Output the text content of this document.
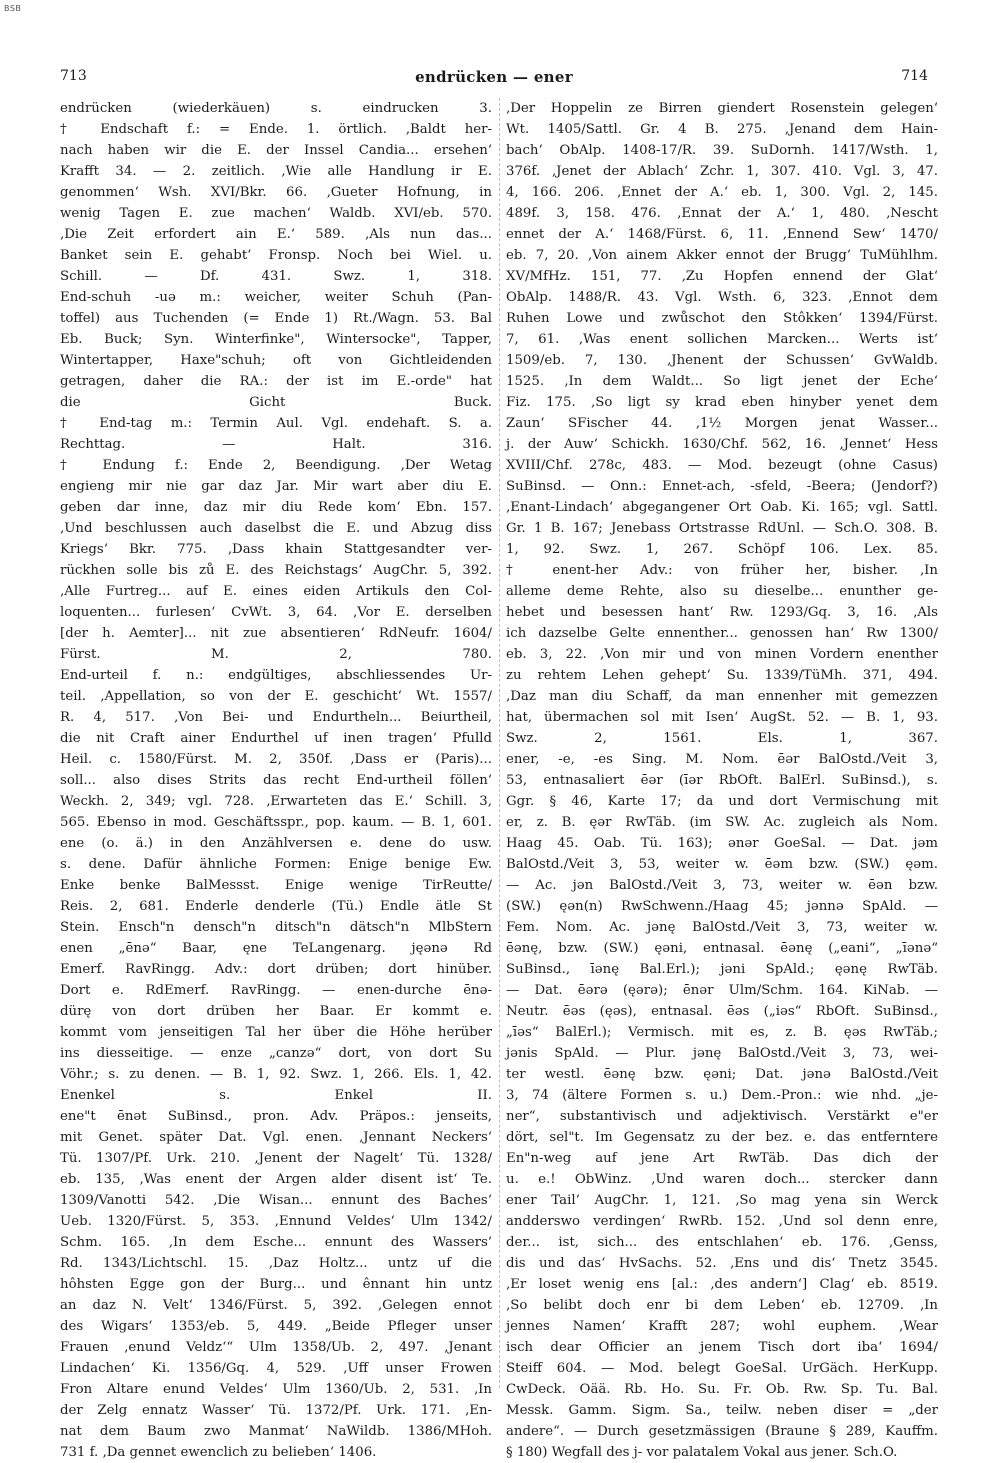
BSB
713	endrücken — ener	714
endrücken (wiederkäuen) s. eindrucken 3.
† Endschaft f.: = Ende. 1. örtlich. ‚Baldt her-
nach haben wir die E. der Inssel Candia... ersehen‘
Krafft 34. — 2. zeitlich. ‚Wie alle Handlung ir E.
genommen‘ Wsh. XVI/Bkr. 66. ‚Gueter Hofnung, in
wenig Tagen E. zue machen‘ Waldb. XVI/eb. 570.
‚Die Zeit erfordert ain E.‘ 589. ‚Als nun das...
Banket sein E. gehabt‘ Fronsp. Noch bei Wiel. u.
Schill. — Df. 431. Swz. 1, 318.
End-schuh -uə m.: weicher, weiter Schuh (Pan-
toffel) aus Tuchenden (= Ende 1) Rt./Wagn. 53. Bal
Eb. Buck; Syn. Winterfinke", Wintersocke", Tapper,
Wintertapper, Haxe"schuh; oft von Gichtleidenden
getragen, daher die RA.: der ist im E.-orde" hat
die Gicht Buck.
† End-tag m.: Termin Aul. Vgl. endehaft. S. a.
Rechttag. — Halt. 316.
† Endung f.: Ende 2, Beendigung. ‚Der Wetag
engieng mir nie gar daz Jar. Mir wart aber diu E.
geben dar inne, daz mir diu Rede kom‘ Ebn. 157.
‚Und beschlussen auch daselbst die E. und Abzug diss
Kriegs‘ Bkr. 775. ‚Dass khain Stattgesandter ver-
rückhen solle bis zů E. des Reichstags‘ AugChr. 5, 392.
‚Alle Furtreg... auf E. eines eiden Artikuls den Col-
loquenten... furlesen‘ CvWt. 3, 64. ‚Vor E. derselben
[der h. Aemter]... nit zue absentieren‘ RdNeufr. 1604/
Fürst. M. 2, 780.
End-urteil f. n.: endgültiges, abschliessendes Ur-
teil. ‚Appellation, so von der E. geschicht‘ Wt. 1557/
R. 4, 517. ‚Von Bei- und Endurtheln... Beiurtheil,
die nit Craft ainer Endurthel uf inen tragen‘ Pfulld
Heil. c. 1580/Fürst. M. 2, 350f. ‚Dass er (Paris)...
soll... also dises Strits das recht End-urtheil föllen‘
Weckh. 2, 349; vgl. 728. ‚Erwarteten das E.‘ Schill. 3,
565. Ebenso in mod. Geschäftsspr., pop. kaum. — B. 1, 601.
ene (o. ä.) in den Anzählversen e. dene do usw.
s. dene. Dafür ähnliche Formen: Enige benige Ew.
Enke benke BalMessst. Enige wenige TirReutte/
Reis. 2, 681. Enderle denderle (Tü.) Endle ätle St
Stein. Ensch"n densch"n ditsch"n dätsch"n MlbStern
enen „ēnə“ Baar, ęne TeLangenarg. jęənə Rd
Emerf. RavRingg. Adv.: dort drüben; dort hinüber.
Dort e. RdEmerf. RavRingg. — enen-durche ēnə-
dürę von dort drüben her Baar. Er kommt e.
kommt vom jenseitigen Tal her über die Höhe herüber
ins diesseitige. — enze „canzə“ dort, von dort Su
Vöhr.; s. zu denen. — B. 1, 92. Swz. 1, 266. Els. 1, 42.
Enenkel s. Enkel II.
ene"t ēnət SuBinsd., pron. Adv. Präpos.: jenseits,
mit Genet. später Dat. Vgl. enen. ‚Jennant Neckers‘
Tü. 1307/Pf. Urk. 210. ‚Jenent der Nagelt‘ Tü. 1328/
eb. 135, ‚Was enent der Argen alder disent ist‘ Te.
1309/Vanotti 542. ‚Die Wisan... ennunt des Baches‘
Ueb. 1320/Fürst. 5, 353. ‚Ennund Veldes‘ Ulm 1342/
Schm. 165. ‚In dem Esche... ennunt des Wassers‘
Rd. 1343/Lichtschl. 15. ‚Daz Holtz... untz uf die
hôhsten Egge gon der Burg... und ênnant hin untz
an daz N. Velt‘ 1346/Fürst. 5, 392. ‚Gelegen ennot
des Wigars‘ 1353/eb. 5, 449. „Beide Pfleger unser
Frauen ‚enund Veldz‘“ Ulm 1358/Ub. 2, 497. ‚Jenant
Lindachen‘ Ki. 1356/Gq. 4, 529. ‚Uff unser Frowen
Fron Altare enund Veldes‘ Ulm 1360/Ub. 2, 531. ‚In
der Zelg ennatz Wasser‘ Tü. 1372/Pf. Urk. 171. ‚En-
nat dem Baum zwo Manmat‘ NaWildb. 1386/MHoh.
731 f. ‚Da gennet ewenclich zu belieben‘ 1406.
‚Der Hoppelin ze Birren giendert Rosenstein gelegen‘
Wt. 1405/Sattl. Gr. 4 B. 275. ‚Jenand dem Hain-
bach‘ ObAlp. 1408-17/R. 39. SuDornh. 1417/Wsth. 1,
376f. ‚Jenet der Ablach‘ Zchr. 1, 307. 410. Vgl. 3, 47.
4, 166. 206. ‚Ennet der A.‘ eb. 1, 300. Vgl. 2, 145.
489f. 3, 158. 476. ‚Ennat der A.‘ 1, 480. ‚Nescht
ennet der A.‘ 1468/Fürst. 6, 11. ‚Ennend Sew‘ 1470/
eb. 7, 20. ‚Von ainem Akker ennot der Brugg‘ TuMühlhm.
XV/MfHz. 151, 77. ‚Zu Hopfen ennend der Glat‘
ObAlp. 1488/R. 43. Vgl. Wsth. 6, 323. ‚Ennot dem
Ruhen Lowe und zwůschot den Stôkken‘ 1394/Fürst.
7, 61. ‚Was enent sollichen Marcken... Werts ist‘
1509/eb. 7, 130. ‚Jhenent der Schussen‘ GvWaldb.
1525. ‚In dem Waldt... So ligt jenet der Eche‘
Fiz. 175. ‚So ligt sy krad eben hinyber yenet dem
Zaun‘ SFischer 44. ‚1½ Morgen jenat Wasser...
j. der Auw‘ Schickh. 1630/Chf. 562, 16. ‚Jennet‘ Hess
XVIII/Chf. 278c, 483. — Mod. bezeugt (ohne Casus)
SuBinsd. — Onn.: Ennet-ach, -sfeld, -Beera; (Jendorf?)
‚Enant-Lindach‘ abgegangener Ort Oab. Ki. 165; vgl. Sattl.
Gr. 1 B. 167; Jenebass Ortstrasse RdUnl. — Sch.O. 308. B.
1, 92. Swz. 1, 267. Schöpf 106. Lex. 85.
† enent-her Adv.: von früher her, bisher. ‚In
alleme deme Rehte, also su dieselbe... enunther ge-
hebet und besessen hant‘ Rw. 1293/Gq. 3, 16. ‚Als
ich dazselbe Gelte ennenther... genossen han‘ Rw 1300/
eb. 3, 22. ‚Von mir und von minen Vordern enenther
zu rehtem Lehen gehept‘ Su. 1339/TüMh. 371, 494.
‚Daz man diu Schaff, da man ennenher mit gemezzen
hat, übermachen sol mit Isen‘ AugSt. 52. — B. 1, 93.
Swz. 2, 1561. Els. 1, 367.
ener, -e, -es Sing. M. Nom. ēər BalOstd./Veit 3,
53, entnasaliert ēər (īər RbOft. BalErl. SuBinsd.), s.
Ggr. § 46, Karte 17; da und dort Vermischung mit
er, z. B. ęər RwTäb. (im SW. Ac. zugleich als Nom.
Haag 45. Oab. Tü. 163); ənər GoeSal. — Dat. jəm
BalOstd./Veit 3, 53, weiter w. ēəm bzw. (SW.) ęəm.
— Ac. jən BalOstd./Veit 3, 73, weiter w. ēən bzw.
(SW.) ęən(n) RwSchwenn./Haag 45; jənnə SpAld. —
Fem. Nom. Ac. jənę BalOstd./Veit 3, 73, weiter w.
ēənę, bzw. (SW.) ęəni, entnasal. ēənę („eani“, „īənə“
SuBinsd., īənę Bal.Erl.); jəni SpAld.; ęənę RwTäb.
— Dat. ēərə (ęərə); ēnər Ulm/Schm. 164. KiNab. —
Neutr. ēəs (ęəs), entnasal. ēəs („iəs“ RbOft. SuBinsd.,
„īəs“ BalErl.); Vermisch. mit es, z. B. ęəs RwTäb.;
jənis SpAld. — Plur. jənę BalOstd./Veit 3, 73, wei-
ter westl. ēənę bzw. ęəni; Dat. jənə BalOstd./Veit
3, 74 (ältere Formen s. u.) Dem.-Pron.: wie nhd. „je-
ner“, substantivisch und adjektivisch. Verstärkt e"er
dört, sel"t. Im Gegensatz zu der bez. e. das entferntere
En"n-weg auf jene Art RwTäb. Das dich der
u. e.! ObWinz. ‚Und waren doch... stercker dann
ener Tail‘ AugChr. 1, 121. ‚So mag yena sin Werck
andderswo verdingen‘ RwRb. 152. ‚Und sol denn enre,
der... ist, sich... des entschlahen‘ eb. 176. ‚Genss,
dis und das‘ HvSachs. 52. ‚Ens und dis‘ Tnetz 3545.
‚Er loset wenig ens [al.: ‚des andern‘] Clag‘ eb. 8519.
‚So belibt doch enr bi dem Leben‘ eb. 12709. ‚In
jennes Namen‘ Krafft 287; wohl euphem. ‚Wear
isch dear Officier an jenem Tisch dort iba‘ 1694/
Steiff 604. — Mod. belegt GoeSal. UrGäch. HerKupp.
CwDeck. Oää. Rb. Ho. Su. Fr. Ob. Rw. Sp. Tu. Bal.
Messk. Gamm. Sigm. Sa., teilw. neben diser = „der
andere“. — Durch gesetzmässigen (Braune § 289, Kauffm.
§ 180) Wegfall des j- vor palatalem Vokal aus jener. Sch.O.
